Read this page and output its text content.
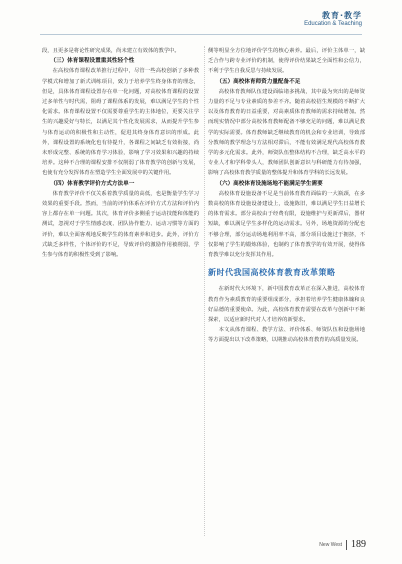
教育·教学
Education & Teaching

段，且更多是将论性研究成果，尚未建立有效体的教学中。

（三）体育课程设置重其性轻个性

在高校体育课程改革推行过程中，尽管一些高校创新了多种教学模式和增加了新式训练项目，致力于培养学生终身体育的理念，但是，具体体育课程设置存在单一化问题，对高校体育课程的设置过多单性与时代需，阻碍了课程体系的发展，难以满足学生的个性化需求。体育课程设置不仅需要尊重学生的主体地位，更要关注学生的兴趣爱好与特长，以满足其个性化发展需求，从而提升学生参与体育运动的积极性和主动性，促进其终身体育意识的形成。此外，课程设置的系统化也有待提升，各课程之间缺乏有效衔接，尚未形成完整、系统的体育学习体验，影响了学习效果和兴趣的持续培养。这种不合理的课程安排不仅削弱了体育教学的创新与发展，也使有充分发挥体育在塑造学生全面发展中的关键作用。

（四）体育教学评价方式方法单一

体育教学评价不仅关系着教学质量的高低，也是衡量学生学习效果的重要手段。然而，当前的评价体系在评价方式方法和评价内容上都存在单一问题。其次，体育评价多侧重于运动技能和体能的测试，忽视对于学生情感态度、团队协作能力、运动习惯等方面的评价，难以全面客观地反映学生的体育素养和进步。此外，评价方式缺乏多样性，个体评价的不足，导致评价的激励作用被削弱，学生参与体育的积极性受到了影响。

侧等明显全方位地评价学生的核心素养。最后，评价主体单一，缺乏合作与跨专业评价的机制，使得评价结果缺乏全面性和公信力，不利于学生自我反思与持续发展。

（五）高校体育师资力量配备不足

高校体育教师队伍建设面临诸多挑战，其中最为突出的是师资力量的不足与专业素质的参差不齐。随着高校招生规模的不断扩大以及体育教育的日益重要，对高素质体育教师的需求持续增加。然而现实情况中部分高校体育教师配备不够充足的问题，难以满足教学的实际需要。体育教师缺乏继续教育的机会和专业培训，导致部分教师的教学理念与方法相对滞后，不能有效满足现代高校体育教学的多元化需求。此外，师资队伍整体结构不合理，缺乏高水平的专业人才和学科带头人，教师团队创新意识与科研能力有待加强，影响了高校体育教学质量的整体提升和体育学科的长远发展。

（六）高校体育设施场地不能满足学生需要

高校体育设施设备不足是当前体育教育面临的一大瓶颈，在多数高校的体育设施设备建设上，设施陈旧，难以满足学生日益增长的体育需求。部分高校由于经费有限，设施维护与更新滞后，器材短缺，难以满足学生多样化的运动需求。另外，场地资源的分配也不够合理，部分运动场地利用率不高，部分项目设施过于拥挤，不仅影响了学生的锻炼体验，也制约了体育教学的有效开展，使得体育教学难以充分发挥其作用。

新时代我国高校体育教育改革策略

在新时代大环境下，新中国教育改革正在深入推进，高校体育教育作为素质教育的重要组成部分，承担着培养学生健康体魄和良好品德的重要使命。为此，高校体育教育需要在改革与创新中不断探索，以适应新时代对人才培养的新要求。

本文从体育课程、教学方法、评价体系、师资队伍和设施场地等方面提出以下改革策略，以期推动高校体育教育的高质量发展。

New West 189
